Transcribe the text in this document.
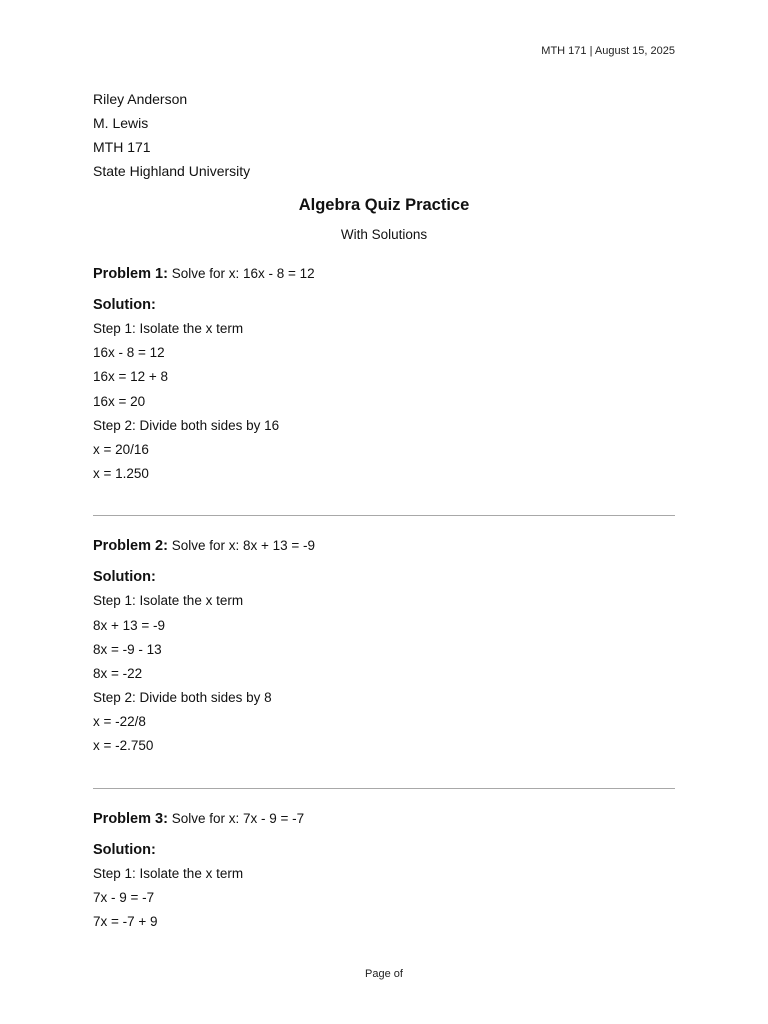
MTH 171 | August 15, 2025
Riley Anderson
M. Lewis
MTH 171
State Highland University
Algebra Quiz Practice
With Solutions
Problem 1: Solve for x: 16x - 8 = 12
Solution:
Step 1: Isolate the x term
16x - 8 = 12
16x = 12 + 8
16x = 20
Step 2: Divide both sides by 16
x = 20/16
x = 1.250
Problem 2: Solve for x: 8x + 13 = -9
Solution:
Step 1: Isolate the x term
8x + 13 = -9
8x = -9 - 13
8x = -22
Step 2: Divide both sides by 8
x = -22/8
x = -2.750
Problem 3: Solve for x: 7x - 9 = -7
Solution:
Step 1: Isolate the x term
7x - 9 = -7
7x = -7 + 9
Page of
